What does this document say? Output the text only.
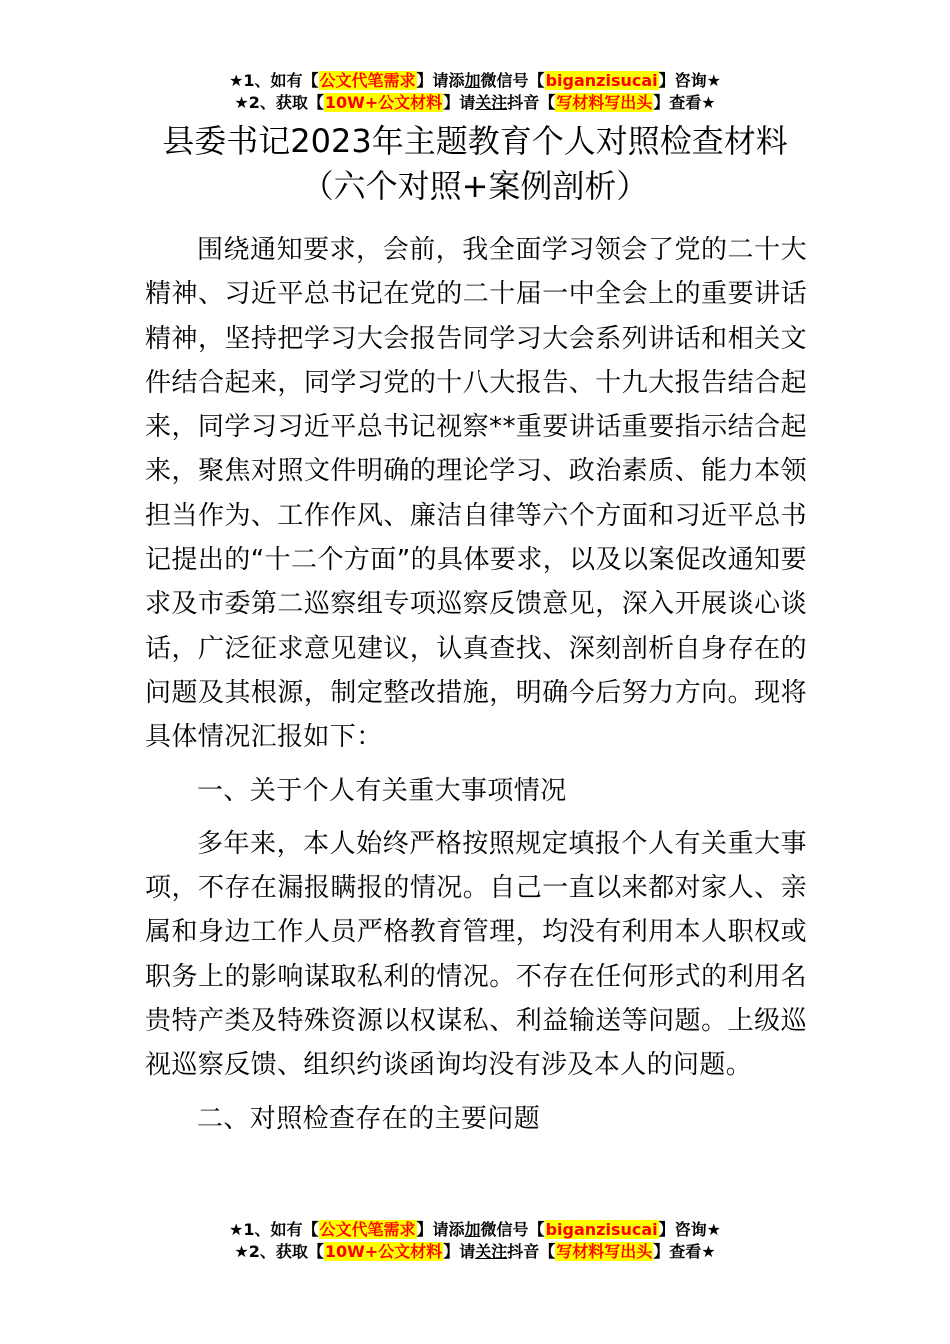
★1、如有【公文代笔需求】请添加微信号【biganzisucai】咨询★
★2、获取【10W+公文材料】请关注抖音【写材料写出头】查看★
县委书记2023年主题教育个人对照检查材料
（六个对照+案例剖析）

围绕通知要求，会前，我全面学习领会了党的二十大精神、习近平总书记在党的二十届一中全会上的重要讲话精神，坚持把学习大会报告同学习大会系列讲话和相关文件结合起来，同学习党的十八大报告、十九大报告结合起来，同学习习近平总书记视察**重要讲话重要指示结合起来，聚焦对照文件明确的理论学习、政治素质、能力本领担当作为、工作作风、廉洁自律等六个方面和习近平总书记提出的“十二个方面”的具体要求，以及以案促改通知要求及市委第二巡察组专项巡察反馈意见，深入开展谈心谈话，广泛征求意见建议，认真查找、深刻剖析自身存在的问题及其根源，制定整改措施，明确今后努力方向。现将具体情况汇报如下：

一、关于个人有关重大事项情况

多年来，本人始终严格按照规定填报个人有关重大事项，不存在漏报瞒报的情况。自己一直以来都对家人、亲属和身边工作人员严格教育管理，均没有利用本人职权或职务上的影响谋取私利的情况。不存在任何形式的利用名贵特产类及特殊资源以权谋私、利益输送等问题。上级巡视巡察反馈、组织约谈函询均没有涉及本人的问题。

二、对照检查存在的主要问题

★1、如有【公文代笔需求】请添加微信号【biganzisucai】咨询★
★2、获取【10W+公文材料】请关注抖音【写材料写出头】查看★
